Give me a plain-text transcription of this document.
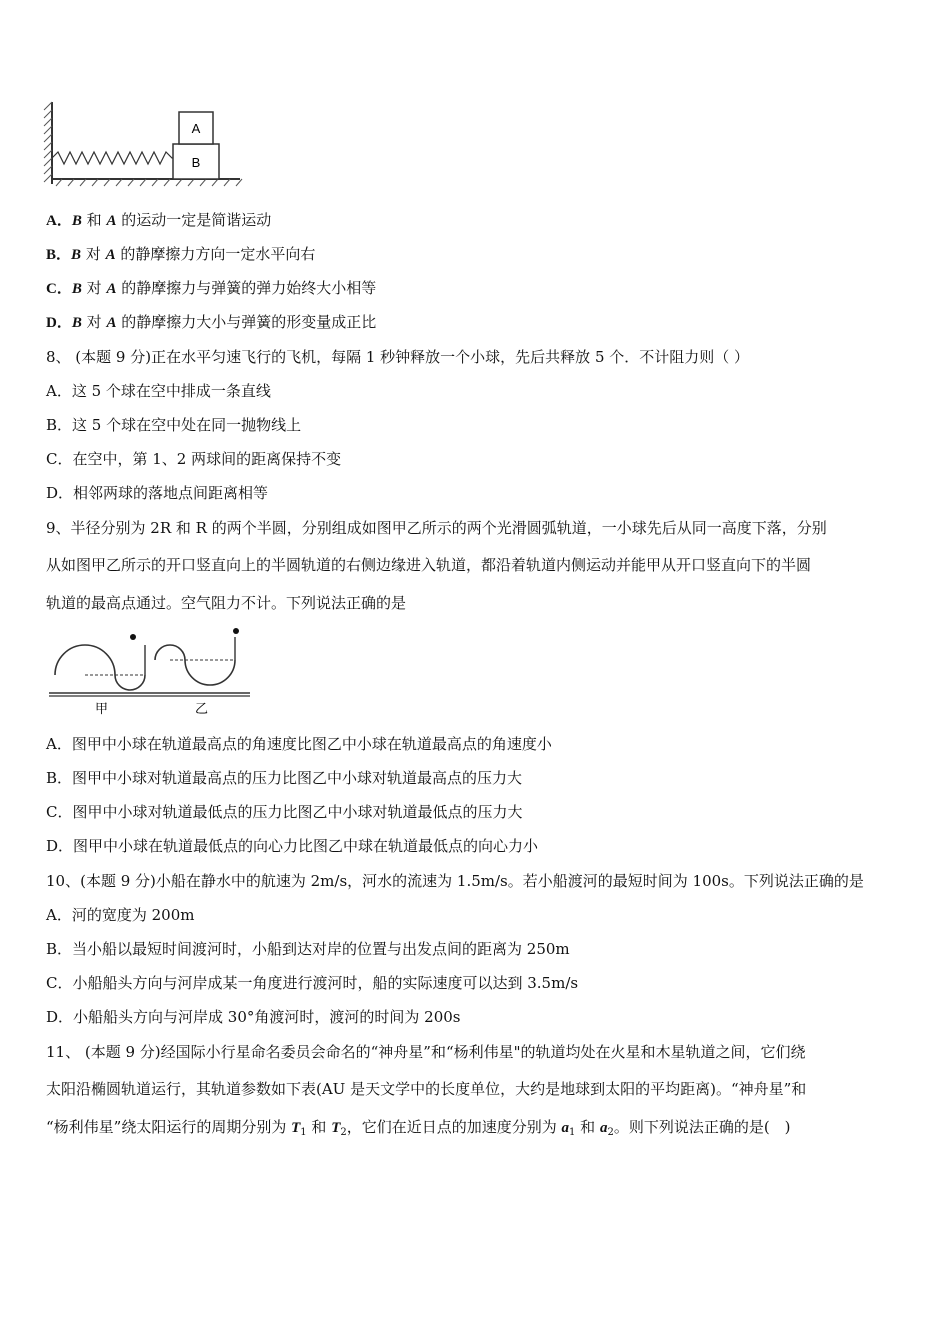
B
A
A．B 和 A 的运动一定是简谐运动
B．B 对 A 的静摩擦力方向一定水平向右
C．B 对 A 的静摩擦力与弹簧的弹力始终大小相等
D．B 对 A 的静摩擦力大小与弹簧的形变量成正比
8、 (本题 9 分)正在水平匀速飞行的飞机，每隔 1 秒钟释放一个小球，先后共释放 5 个．不计阻力则（ ）
A．这 5 个球在空中排成一条直线
B．这 5 个球在空中处在同一抛物线上
C．在空中，第 1、2 两球间的距离保持不变
D．相邻两球的落地点间距离相等
9、半径分别为 2R 和 R 的两个半圆，分别组成如图甲乙所示的两个光滑圆弧轨道，一小球先后从同一高度下落，分别
从如图甲乙所示的开口竖直向上的半圆轨道的右侧边缘进入轨道，都沿着轨道内侧运动并能甲从开口竖直向下的半圆
轨道的最高点通过。空气阻力不计。下列说法正确的是
甲	乙
A．图甲中小球在轨道最高点的角速度比图乙中小球在轨道最高点的角速度小
B．图甲中小球对轨道最高点的压力比图乙中小球对轨道最高点的压力大
C．图甲中小球对轨道最低点的压力比图乙中小球对轨道最低点的压力大
D．图甲中小球在轨道最低点的向心力比图乙中球在轨道最低点的向心力小
10、(本题 9 分)小船在静水中的航速为 2m/s，河水的流速为 1.5m/s。若小船渡河的最短时间为 100s。下列说法正确的是
A．河的宽度为 200m
B．当小船以最短时间渡河时，小船到达对岸的位置与出发点间的距离为 250m
C．小船船头方向与河岸成某一角度进行渡河时，船的实际速度可以达到 3.5m/s
D．小船船头方向与河岸成 30°角渡河时，渡河的时间为 200s
11、 (本题 9 分)经国际小行星命名委员会命名的“神舟星”和“杨利伟星"的轨道均处在火星和木星轨道之间，它们绕
太阳沿椭圆轨道运行，其轨道参数如下表(AU 是天文学中的长度单位，大约是地球到太阳的平均距离)。“神舟星”和
“杨利伟星”绕太阳运行的周期分别为 $T_1$ 和 $T_2$，它们在近日点的加速度分别为 $a_1$ 和 $a_2$。则下列说法正确的是(　)
